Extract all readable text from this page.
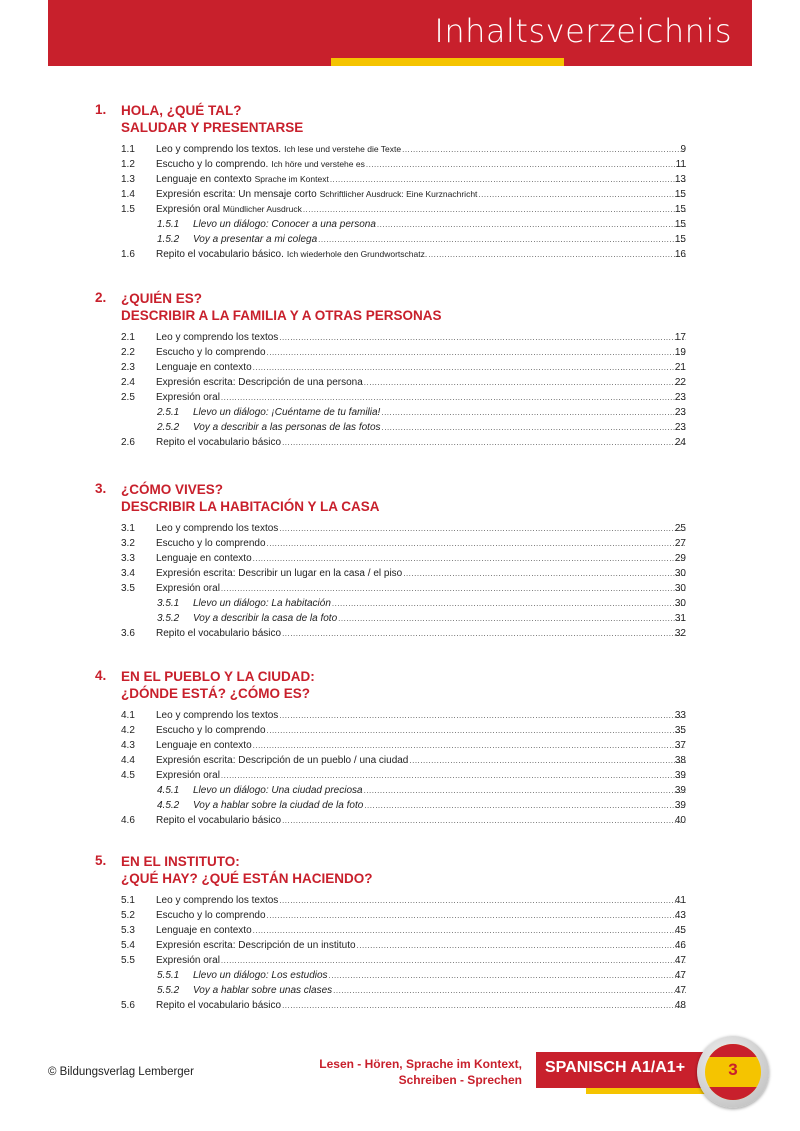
Inhaltsverzeichnis
1. HOLA, ¿QUÉ TAL?
SALUDAR Y PRESENTARSE
1.1 Leo y comprendo los textos. Ich lese und verstehe die Texte .....	9
1.2 Escucho y lo comprendo. Ich höre und verstehe es .....	11
1.3 Lenguaje en contexto Sprache im Kontext .....	13
1.4 Expresión escrita: Un mensaje corto Schriftlicher Ausdruck: Eine Kurznachricht .....	15
1.5 Expresión oral Mündlicher Ausdruck .....	15
1.5.1 Llevo un diálogo: Conocer a una persona .....	15
1.5.2 Voy a presentar a mi colega .....	15
1.6 Repito el vocabulario básico. Ich wiederhole den Grundwortschatz. .....	16
2. ¿QUIÉN ES?
DESCRIBIR A LA FAMILIA Y A OTRAS PERSONAS
2.1 Leo y comprendo los textos .....	17
2.2 Escucho y lo comprendo .....	19
2.3 Lenguaje en contexto .....	21
2.4 Expresión escrita: Descripción de una persona .....	22
2.5 Expresión oral .....	23
2.5.1 Llevo un diálogo: ¡Cuéntame de tu familia! .....	23
2.5.2 Voy a describir a las personas de las fotos .....	23
2.6 Repito el vocabulario básico .....	24
3. ¿CÓMO VIVES?
DESCRIBIR LA HABITACIÓN Y LA CASA
3.1 Leo y comprendo los textos .....	25
3.2 Escucho y lo comprendo .....	27
3.3 Lenguaje en contexto .....	29
3.4 Expresión escrita: Describir un lugar en la casa / el piso .....	30
3.5 Expresión oral .....	30
3.5.1 Llevo un diálogo: La habitación .....	30
3.5.2 Voy a describir la casa de la foto .....	31
3.6 Repito el vocabulario básico .....	32
4. EN EL PUEBLO Y LA CIUDAD:
¿DÓNDE ESTÁ? ¿CÓMO ES?
4.1 Leo y comprendo los textos .....	33
4.2 Escucho y lo comprendo .....	35
4.3 Lenguaje en contexto .....	37
4.4 Expresión escrita: Descripción de un pueblo / una ciudad .....	38
4.5 Expresión oral .....	39
4.5.1 Llevo un diálogo: Una ciudad preciosa .....	39
4.5.2 Voy a hablar sobre la ciudad de la foto .....	39
4.6 Repito el vocabulario básico .....	40
5. EN EL INSTITUTO:
¿QUÉ HAY? ¿QUÉ ESTÁN HACIENDO?
5.1 Leo y comprendo los textos .....	41
5.2 Escucho y lo comprendo .....	43
5.3 Lenguaje en contexto .....	45
5.4 Expresión escrita: Descripción de un instituto .....	46
5.5 Expresión oral .....	47
5.5.1 Llevo un diálogo: Los estudios .....	47
5.5.2 Voy a hablar sobre unas clases .....	47
5.6 Repito el vocabulario básico .....	48
© Bildungsverlag Lemberger
Lesen - Hören, Sprache im Kontext,
Schreiben - Sprechen
SPANISCH A1/A1+	3
